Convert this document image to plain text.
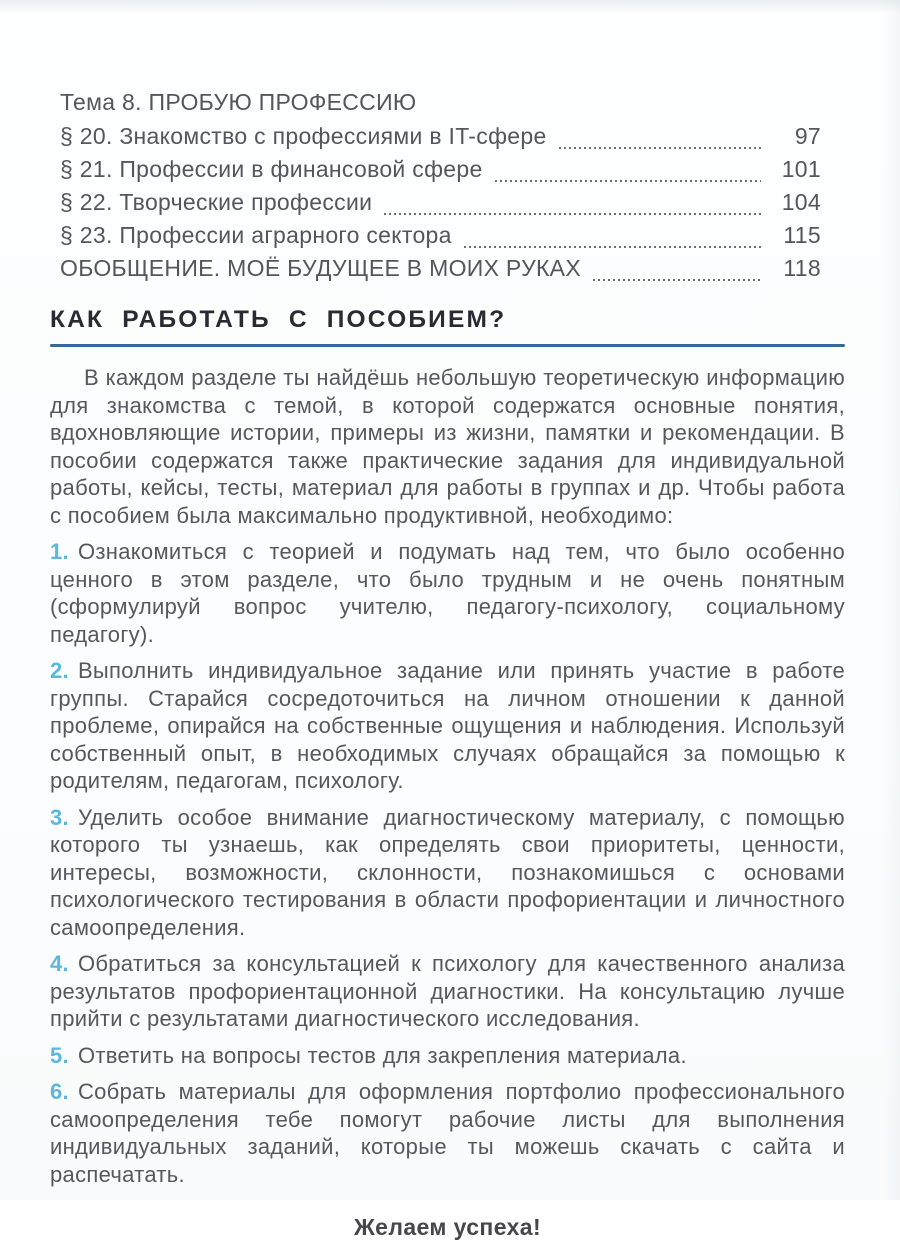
Тема 8. ПРОБУЮ ПРОФЕССИЮ
§ 20. Знакомство с профессиями в IT-сфере	97
§ 21. Профессии в финансовой сфере	101
§ 22. Творческие профессии	104
§ 23. Профессии аграрного сектора	115
ОБОБЩЕНИЕ. МОЁ БУДУЩЕЕ В МОИХ РУКАХ	118
КАК РАБОТАТЬ С ПОСОБИЕМ?

В каждом разделе ты найдёшь небольшую теоретическую информацию для знакомства с темой, в которой содержатся основные понятия, вдохновляющие истории, примеры из жизни, памятки и рекомендации. В пособии содержатся также практические задания для индивидуальной работы, кейсы, тесты, материал для работы в группах и др. Чтобы работа с пособием была максимально продуктивной, необходимо:

1. Ознакомиться с теорией и подумать над тем, что было особенно ценного в этом разделе, что было трудным и не очень понятным (сформулируй вопрос учителю, педагогу-психологу, социальному педагогу).

2. Выполнить индивидуальное задание или принять участие в работе группы. Старайся сосредоточиться на личном отношении к данной проблеме, опирайся на собственные ощущения и наблюдения. Используй собственный опыт, в необходимых случаях обращайся за помощью к родителям, педагогам, психологу.

3. Уделить особое внимание диагностическому материалу, с помощью которого ты узнаешь, как определять свои приоритеты, ценности, интересы, возможности, склонности, познакомишься с основами психологического тестирования в области профориентации и личностного самоопределения.

4. Обратиться за консультацией к психологу для качественного анализа результатов профориентационной диагностики. На консультацию лучше прийти с результатами диагностического исследования.

5. Ответить на вопросы тестов для закрепления материала.

6. Собрать материалы для оформления портфолио профессионального самоопределения тебе помогут рабочие листы для выполнения индивидуальных заданий, которые ты можешь скачать с сайта и распечатать.

Желаем успеха!
